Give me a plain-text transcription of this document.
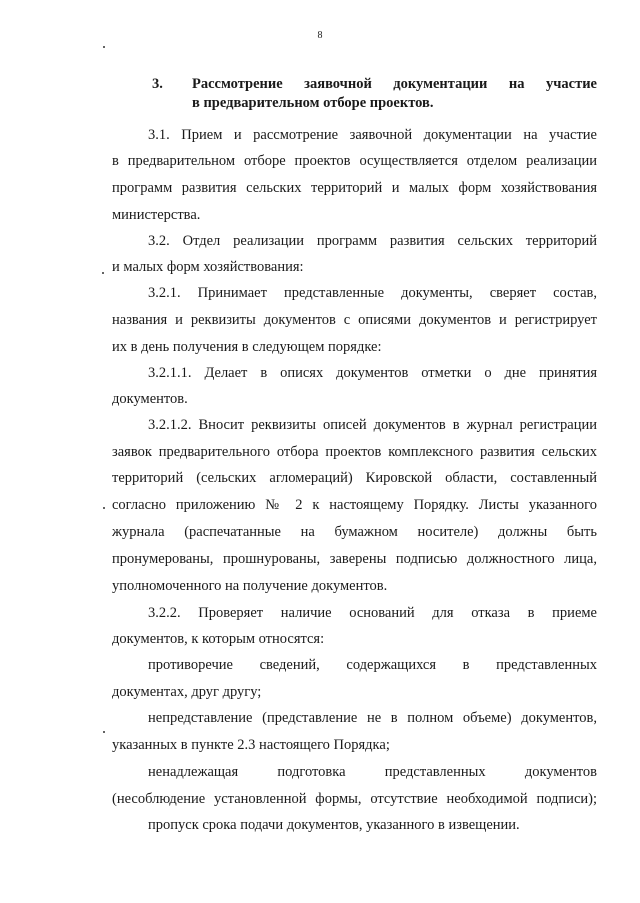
8
3. Рассмотрение заявочной документации на участие
в предварительном отборе проектов.
3.1. Прием и рассмотрение заявочной документации на участие
в предварительном отборе проектов осуществляется отделом реализации
программ развития сельских территорий и малых форм хозяйствования
министерства.
3.2. Отдел реализации программ развития сельских территорий
и малых форм хозяйствования:
3.2.1. Принимает представленные документы, сверяет состав,
названия и реквизиты документов с описями документов и регистрирует
их в день получения в следующем порядке:
3.2.1.1. Делает в описях документов отметки о дне принятия
документов.
3.2.1.2. Вносит реквизиты описей документов в журнал регистрации
заявок предварительного отбора проектов комплексного развития сельских
территорий (сельских агломераций) Кировской области, составленный
согласно приложению № 2 к настоящему Порядку. Листы указанного
журнала (распечатанные на бумажном носителе) должны быть
пронумерованы, прошнурованы, заверены подписью должностного лица,
уполномоченного на получение документов.
3.2.2. Проверяет наличие оснований для отказа в приеме
документов, к которым относятся:
противоречие сведений, содержащихся в представленных
документах, друг другу;
непредставление (представление не в полном объеме) документов,
указанных в пункте 2.3 настоящего Порядка;
ненадлежащая подготовка представленных документов
(несоблюдение установленной формы, отсутствие необходимой подписи);
пропуск срока подачи документов, указанного в извещении.
